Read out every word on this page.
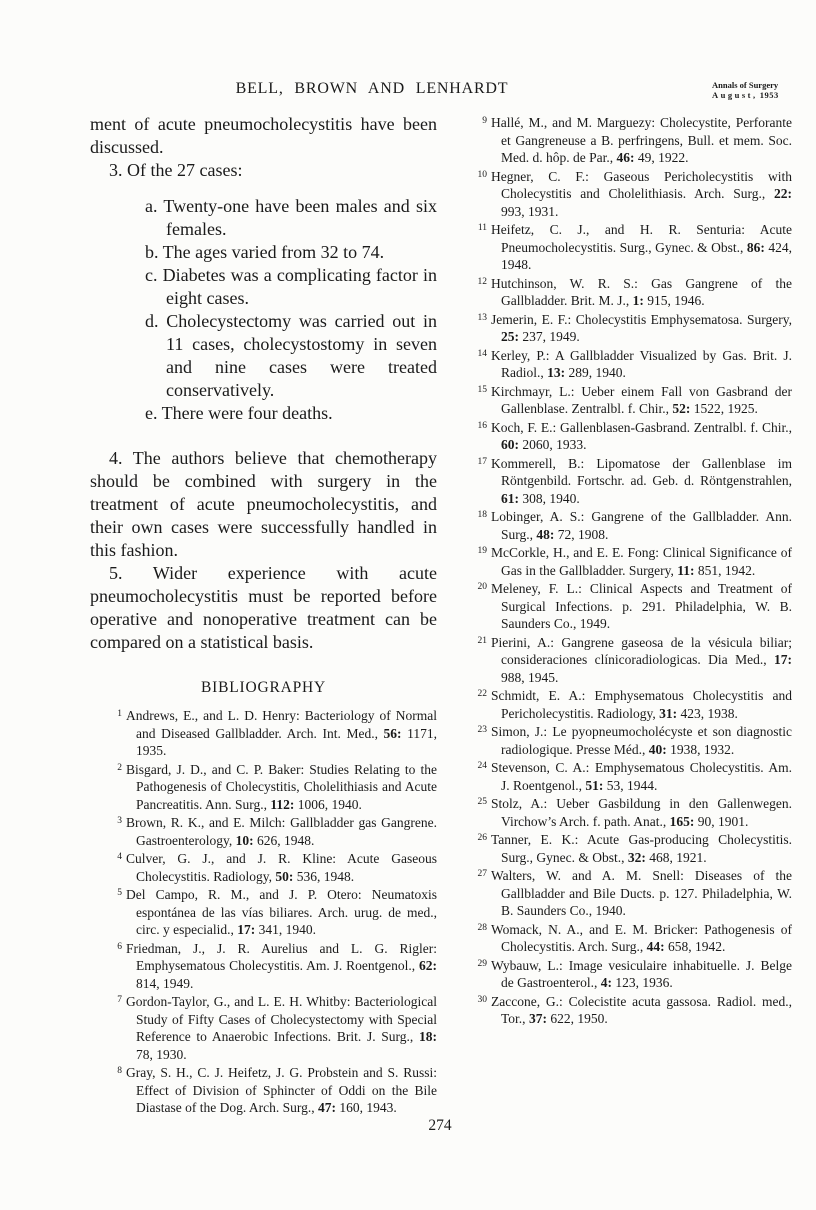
BELL, BROWN AND LENHARDT	Annals of Surgery
August, 1953

ment of acute pneumocholecystitis have been discussed.

3. Of the 27 cases:

a. Twenty-one have been males and six females.
b. The ages varied from 32 to 74.
c. Diabetes was a complicating factor in eight cases.
d. Cholecystectomy was carried out in 11 cases, cholecystostomy in seven and nine cases were treated conservatively.
e. There were four deaths.

4. The authors believe that chemotherapy should be combined with surgery in the treatment of acute pneumocholecystitis, and their own cases were successfully handled in this fashion.

5. Wider experience with acute pneumocholecystitis must be reported before operative and nonoperative treatment can be compared on a statistical basis.

BIBLIOGRAPHY
1 Andrews, E., and L. D. Henry: Bacteriology of Normal and Diseased Gallbladder. Arch. Int. Med., 56: 1171, 1935.
2 Bisgard, J. D., and C. P. Baker: Studies Relating to the Pathogenesis of Cholecystitis, Cholelithiasis and Acute Pancreatitis. Ann. Surg., 112: 1006, 1940.
3 Brown, R. K., and E. Milch: Gallbladder gas Gangrene. Gastroenterology, 10: 626, 1948.
4 Culver, G. J., and J. R. Kline: Acute Gaseous Cholecystitis. Radiology, 50: 536, 1948.
5 Del Campo, R. M., and J. P. Otero: Neumatoxis espontánea de las vías biliares. Arch. urug. de med., circ. y especialid., 17: 341, 1940.
6 Friedman, J., J. R. Aurelius and L. G. Rigler: Emphysematous Cholecystitis. Am. J. Roentgenol., 62: 814, 1949.
7 Gordon-Taylor, G., and L. E. H. Whitby: Bacteriological Study of Fifty Cases of Cholecystectomy with Special Reference to Anaerobic Infections. Brit. J. Surg., 18: 78, 1930.
8 Gray, S. H., C. J. Heifetz, J. G. Probstein and S. Russi: Effect of Division of Sphincter of Oddi on the Bile Diastase of the Dog. Arch. Surg., 47: 160, 1943.
9 Hallé, M., and M. Marguezy: Cholecystite, Perforante et Gangreneuse a B. perfringens, Bull. et mem. Soc. Med. d. hôp. de Par., 46: 49, 1922.
10 Hegner, C. F.: Gaseous Pericholecystitis with Cholecystitis and Cholelithiasis. Arch. Surg., 22: 993, 1931.
11 Heifetz, C. J., and H. R. Senturia: Acute Pneumocholecystitis. Surg., Gynec. & Obst., 86: 424, 1948.
12 Hutchinson, W. R. S.: Gas Gangrene of the Gallbladder. Brit. M. J., 1: 915, 1946.
13 Jemerin, E. F.: Cholecystitis Emphysematosa. Surgery, 25: 237, 1949.
14 Kerley, P.: A Gallbladder Visualized by Gas. Brit. J. Radiol., 13: 289, 1940.
15 Kirchmayr, L.: Ueber einem Fall von Gasbrand der Gallenblase. Zentralbl. f. Chir., 52: 1522, 1925.
16 Koch, F. E.: Gallenblasen-Gasbrand. Zentralbl. f. Chir., 60: 2060, 1933.
17 Kommerell, B.: Lipomatose der Gallenblase im Röntgenbild. Fortschr. ad. Geb. d. Röntgenstrahlen, 61: 308, 1940.
18 Lobinger, A. S.: Gangrene of the Gallbladder. Ann. Surg., 48: 72, 1908.
19 McCorkle, H., and E. E. Fong: Clinical Significance of Gas in the Gallbladder. Surgery, 11: 851, 1942.
20 Meleney, F. L.: Clinical Aspects and Treatment of Surgical Infections. p. 291. Philadelphia, W. B. Saunders Co., 1949.
21 Pierini, A.: Gangrene gaseosa de la vésicula biliar; consideraciones clínicoradiologicas. Dia Med., 17: 988, 1945.
22 Schmidt, E. A.: Emphysematous Cholecystitis and Pericholecystitis. Radiology, 31: 423, 1938.
23 Simon, J.: Le pyopneumocholécyste et son diagnostic radiologique. Presse Méd., 40: 1938, 1932.
24 Stevenson, C. A.: Emphysematous Cholecystitis. Am. J. Roentgenol., 51: 53, 1944.
25 Stolz, A.: Ueber Gasbildung in den Gallenwegen. Virchow’s Arch. f. path. Anat., 165: 90, 1901.
26 Tanner, E. K.: Acute Gas-producing Cholecystitis. Surg., Gynec. & Obst., 32: 468, 1921.
27 Walters, W. and A. M. Snell: Diseases of the Gallbladder and Bile Ducts. p. 127. Philadelphia, W. B. Saunders Co., 1940.
28 Womack, N. A., and E. M. Bricker: Pathogenesis of Cholecystitis. Arch. Surg., 44: 658, 1942.
29 Wybauw, L.: Image vesiculaire inhabituelle. J. Belge de Gastroenterol., 4: 123, 1936.
30 Zaccone, G.: Colecistite acuta gassosa. Radiol. med., Tor., 37: 622, 1950.
274
